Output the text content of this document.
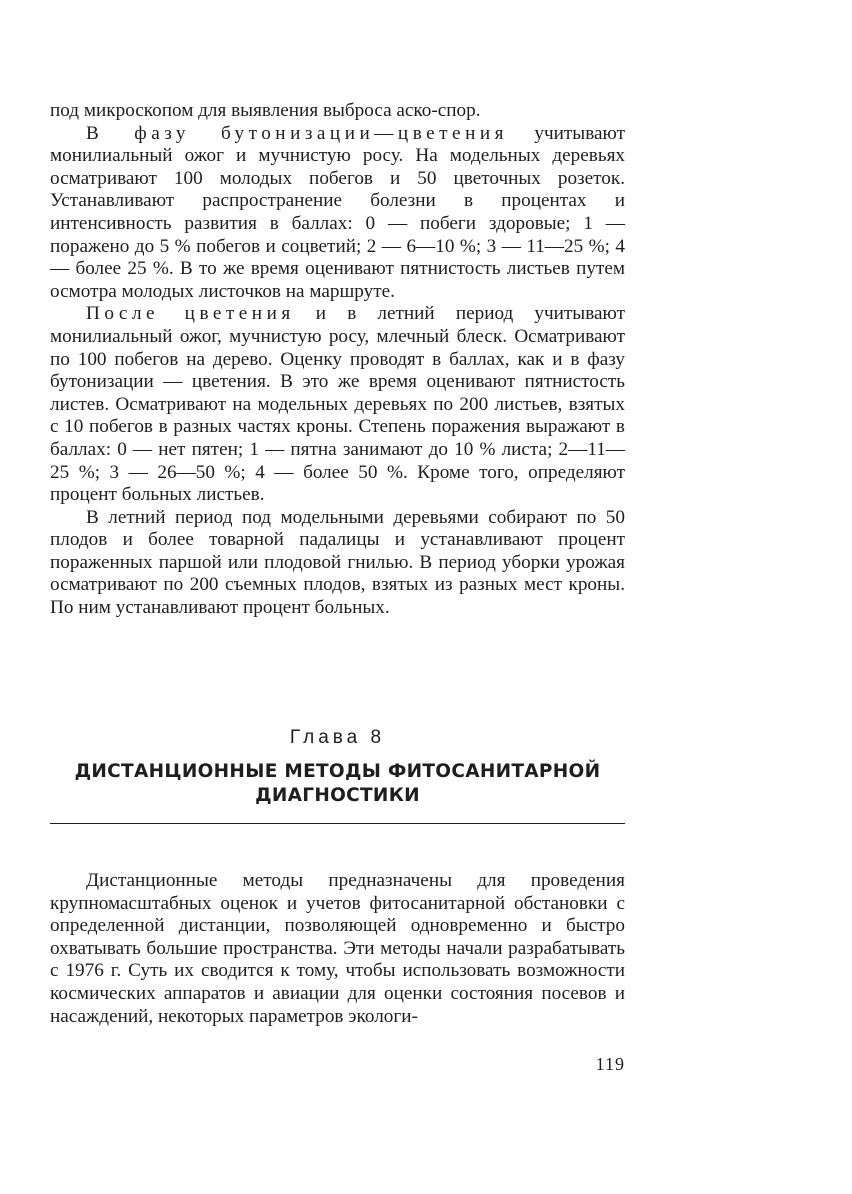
под микроскопом для выявления выброса аско-спор.

В фазу бутонизации—цветения учитывают монилиальный ожог и мучнистую росу. На модельных деревьях осматривают 100 молодых побегов и 50 цветочных розеток. Устанавливают распространение болезни в процентах и интенсивность развития в баллах: 0 — побеги здоровые; 1 — поражено до 5 % побегов и соцветий; 2 — 6—10 %; 3 — 11—25 %; 4 — более 25 %. В то же время оценивают пятнистость листьев путем осмотра молодых листочков на маршруте.

После цветения и в летний период учитывают монилиальный ожог, мучнистую росу, млечный блеск. Осматривают по 100 побегов на дерево. Оценку проводят в баллах, как и в фазу бутонизации — цветения. В это же время оценивают пятнистость листев. Осматривают на модельных деревьях по 200 листьев, взятых с 10 побегов в разных частях кроны. Степень поражения выражают в баллах: 0 — нет пятен; 1 — пятна занимают до 10 % листа; 2—11—25 %; 3 — 26—50 %; 4 — более 50 %. Кроме того, определяют процент больных листьев.

В летний период под модельными деревьями собирают по 50 плодов и более товарной падалицы и устанавливают процент пораженных паршой или плодовой гнилью. В период уборки урожая осматривают по 200 съемных плодов, взятых из разных мест кроны. По ним устанавливают процент больных.

Глава 8
ДИСТАНЦИОННЫЕ МЕТОДЫ ФИТОСАНИТАРНОЙ
ДИАГНОСТИКИ

Дистанционные методы предназначены для проведения крупномасштабных оценок и учетов фитосанитарной обстановки с определенной дистанции, позволяющей одновременно и быстро охватывать большие пространства. Эти методы начали разрабатывать с 1976 г. Суть их сводится к тому, чтобы использовать возможности космических аппаратов и авиации для оценки состояния посевов и насаждений, некоторых параметров экологи-

119
